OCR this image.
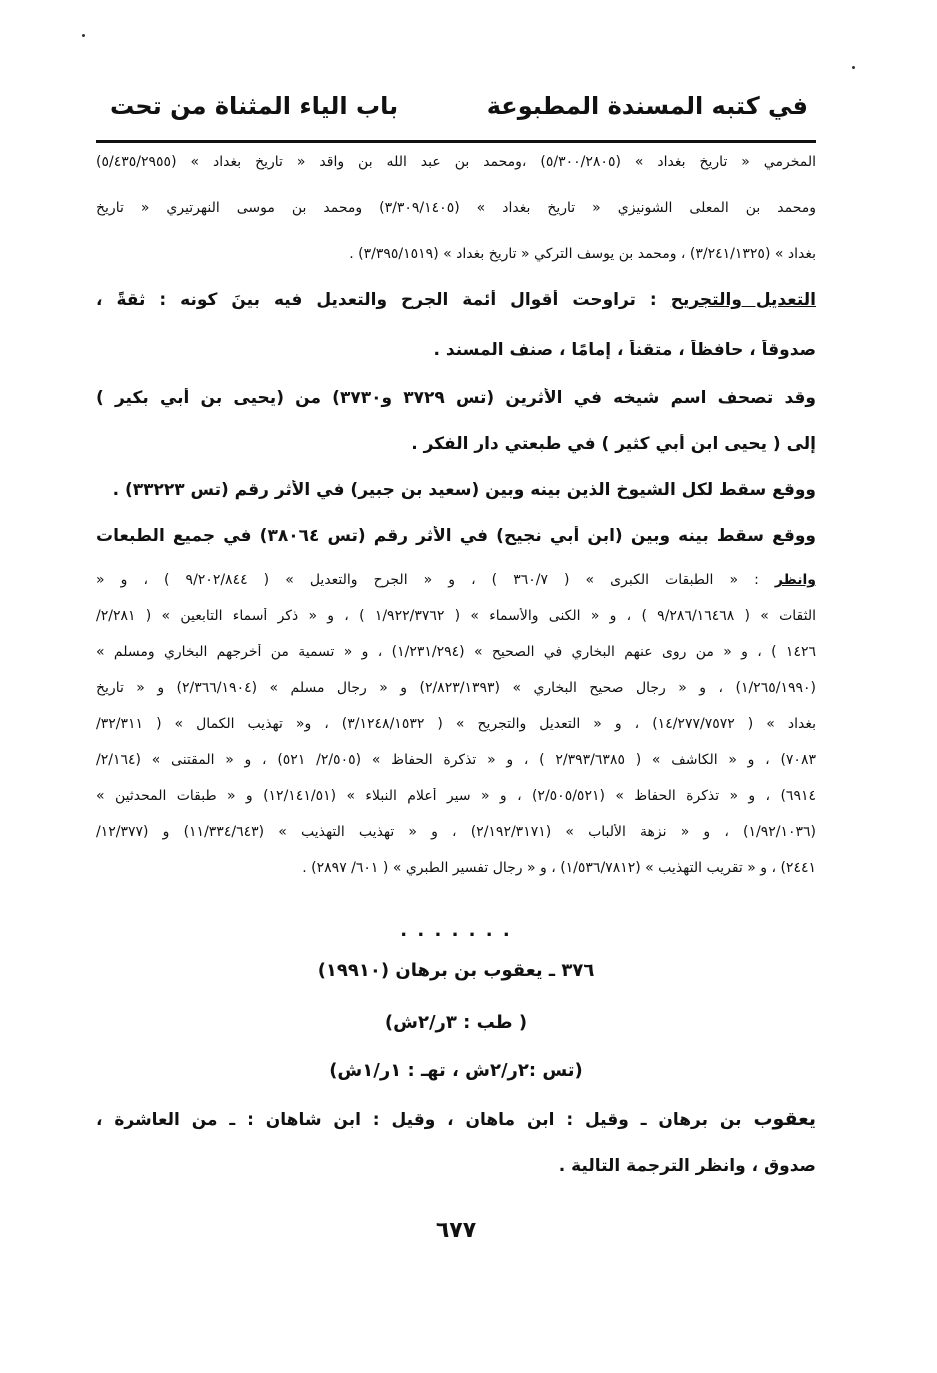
في كتبه المسندة المطبوعة
باب الياء المثناة من تحت
المخرمي « تاريخ بغداد » (٥/٣٠٠/٢٨٠٥) ،ومحمد بن عبد الله بن واقد « تاريخ بغداد » (٥/٤٣٥/٢٩٥٥)
ومحمد بن المعلى الشونيزي « تاريخ بغداد » (٣/٣٠٩/١٤٠٥) ومحمد بن موسى النهرتيري « تاريخ
بغداد » (٣/٢٤١/١٣٢٥) ، ومحمد بن يوسف التركي « تاريخ بغداد » (٣/٣٩٥/١٥١٩) .
التعديل والتجريح : تراوحت أقوال أئمة الجرح والتعديل فيه بينَ كونه : ثقةً ،
صدوقاً ، حافظاً ، متقناً ، إمامًا ، صنف المسند .
وقد تصحف اسم شيخه في الأثرين (تس ٣٧٢٩ و٣٧٣٠) من (يحيى بن أبي بكير )
إلى ( يحيى ابن أبي كثير ) في طبعتي دار الفكر .
ووقع سقط لكل الشيوخ الذين بينه وبين (سعيد بن جبير) في الأثر رقم (تس ٣٣٢٢٣) .
ووقع سقط بينه وبين (ابن أبي نجيح) في الأثر رقم (تس ٣٨٠٦٤) في جميع الطبعات
وانظر : « الطبقات الكبرى » ( ٣٦٠/٧ ) ، و « الجرح والتعديل » ( ٩/٢٠٢/٨٤٤ ) ، و «
الثقات » ( ٩/٢٨٦/١٦٤٦٨ ) ، و « الكنى والأسماء » ( ١/٩٢٢/٣٧٦٢ ) ، و « ذكر أسماء التابعين » ( ٢/٢٨١/
١٤٢٦ ) ، و « من روى عنهم البخاري في الصحيح » (١/٢٣١/٢٩٤) ، و « تسمية من أخرجهم البخاري ومسلم »
(١/٢٦٥/١٩٩٠) ، و « رجال صحيح البخاري » (٢/٨٢٣/١٣٩٣) و « رجال مسلم » (٢/٣٦٦/١٩٠٤) و « تاريخ
بغداد » ( ١٤/٢٧٧/٧٥٧٢) ، و « التعديل والتجريح » ( ٣/١٢٤٨/١٥٣٢) ، و« تهذيب الكمال » ( ٣٢/٣١١/
٧٠٨٣) ، و « الكاشف » ( ٢/٣٩٣/٦٣٨٥ ) ، و « تذكرة الحفاظ » (٢/٥٠٥/ ٥٢١) ، و « المقتنى » (٢/١٦٤/
٦٩١٤) ، و « تذكرة الحفاظ » (٢/٥٠٥/٥٢١) ، و « سير أعلام النبلاء » (١٢/١٤١/٥١) و « طبقات المحدثين »
(١/٩٢/١٠٣٦) ، و « نزهة الألباب » (٢/١٩٢/٣١٧١) ، و « تهذيب التهذيب » (١١/٣٣٤/٦٤٣) و (١٢/٣٧٧/
٢٤٤١) ، و « تقريب التهذيب » (١/٥٣٦/٧٨١٢) ، و « رجال تفسير الطبري » ( ٦٠١/ ٢٨٩٧) .
. . . . . . .
٣٧٦ ـ يعقوب بن برهان (١٩٩١٠)
( طب : ٣ر/٢ش)
(تس :٢ر/٢ش ، تهـ : ١ر/١ش)
يعقوب بن برهان ـ وقيل : ابن ماهان ، وقيل : ابن شاهان : ـ من العاشرة ،
صدوق ، وانظر الترجمة التالية .
٦٧٧
